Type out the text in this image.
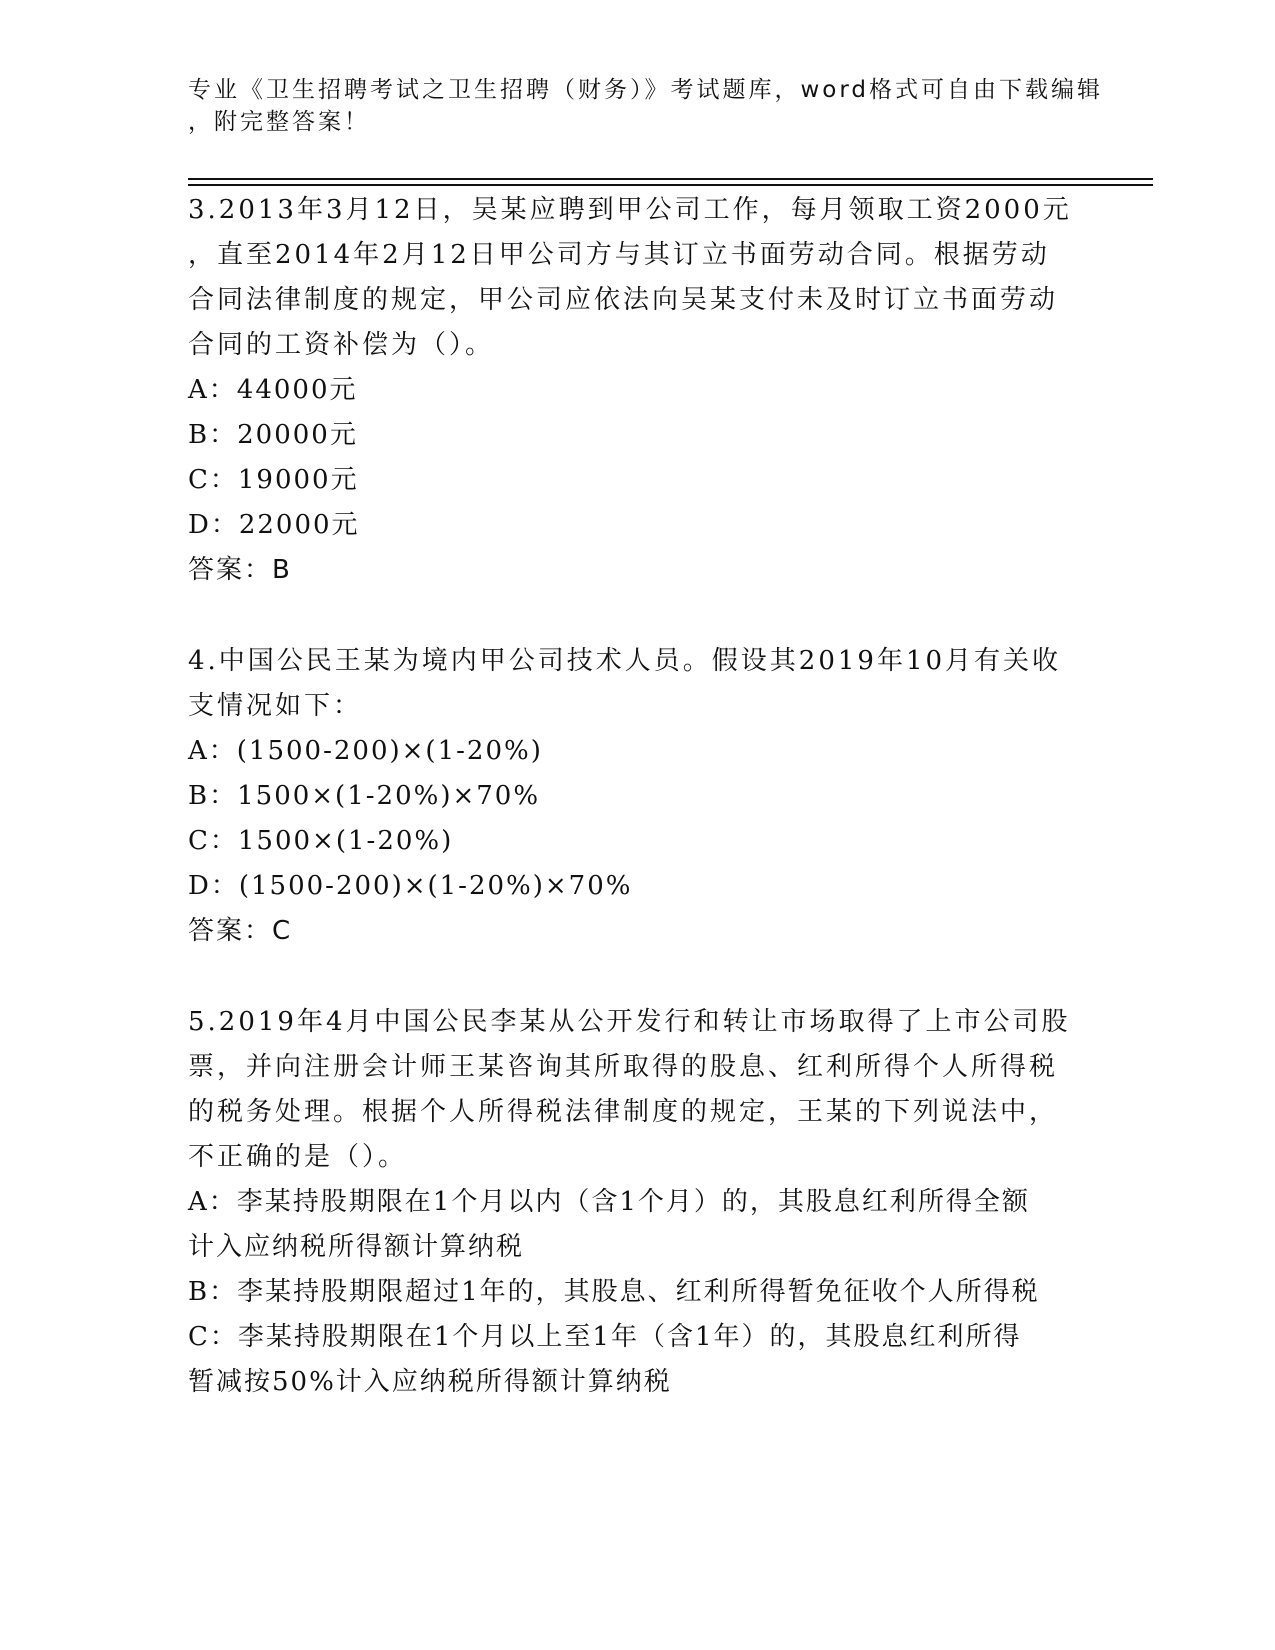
专业《卫生招聘考试之卫生招聘（财务）》考试题库，word格式可自由下载编辑
，附完整答案！
3.2013年3月12日，吴某应聘到甲公司工作，每月领取工资2000元
，直至2014年2月12日甲公司方与其订立书面劳动合同。根据劳动
合同法律制度的规定，甲公司应依法向吴某支付未及时订立书面劳动
合同的工资补偿为（）。
A：44000元
B：20000元
C：19000元
D：22000元
答案：B
4.中国公民王某为境内甲公司技术人员。假设其2019年10月有关收
支情况如下：
A：(1500-200)×(1-20%)
B：1500×(1-20%)×70%
C：1500×(1-20%)
D：(1500-200)×(1-20%)×70%
答案：C
5.2019年4月中国公民李某从公开发行和转让市场取得了上市公司股
票，并向注册会计师王某咨询其所取得的股息、红利所得个人所得税
的税务处理。根据个人所得税法律制度的规定，王某的下列说法中，
不正确的是（）。
A：李某持股期限在1个月以内（含1个月）的，其股息红利所得全额
计入应纳税所得额计算纳税
B：李某持股期限超过1年的，其股息、红利所得暂免征收个人所得税
C：李某持股期限在1个月以上至1年（含1年）的，其股息红利所得
暂减按50%计入应纳税所得额计算纳税
